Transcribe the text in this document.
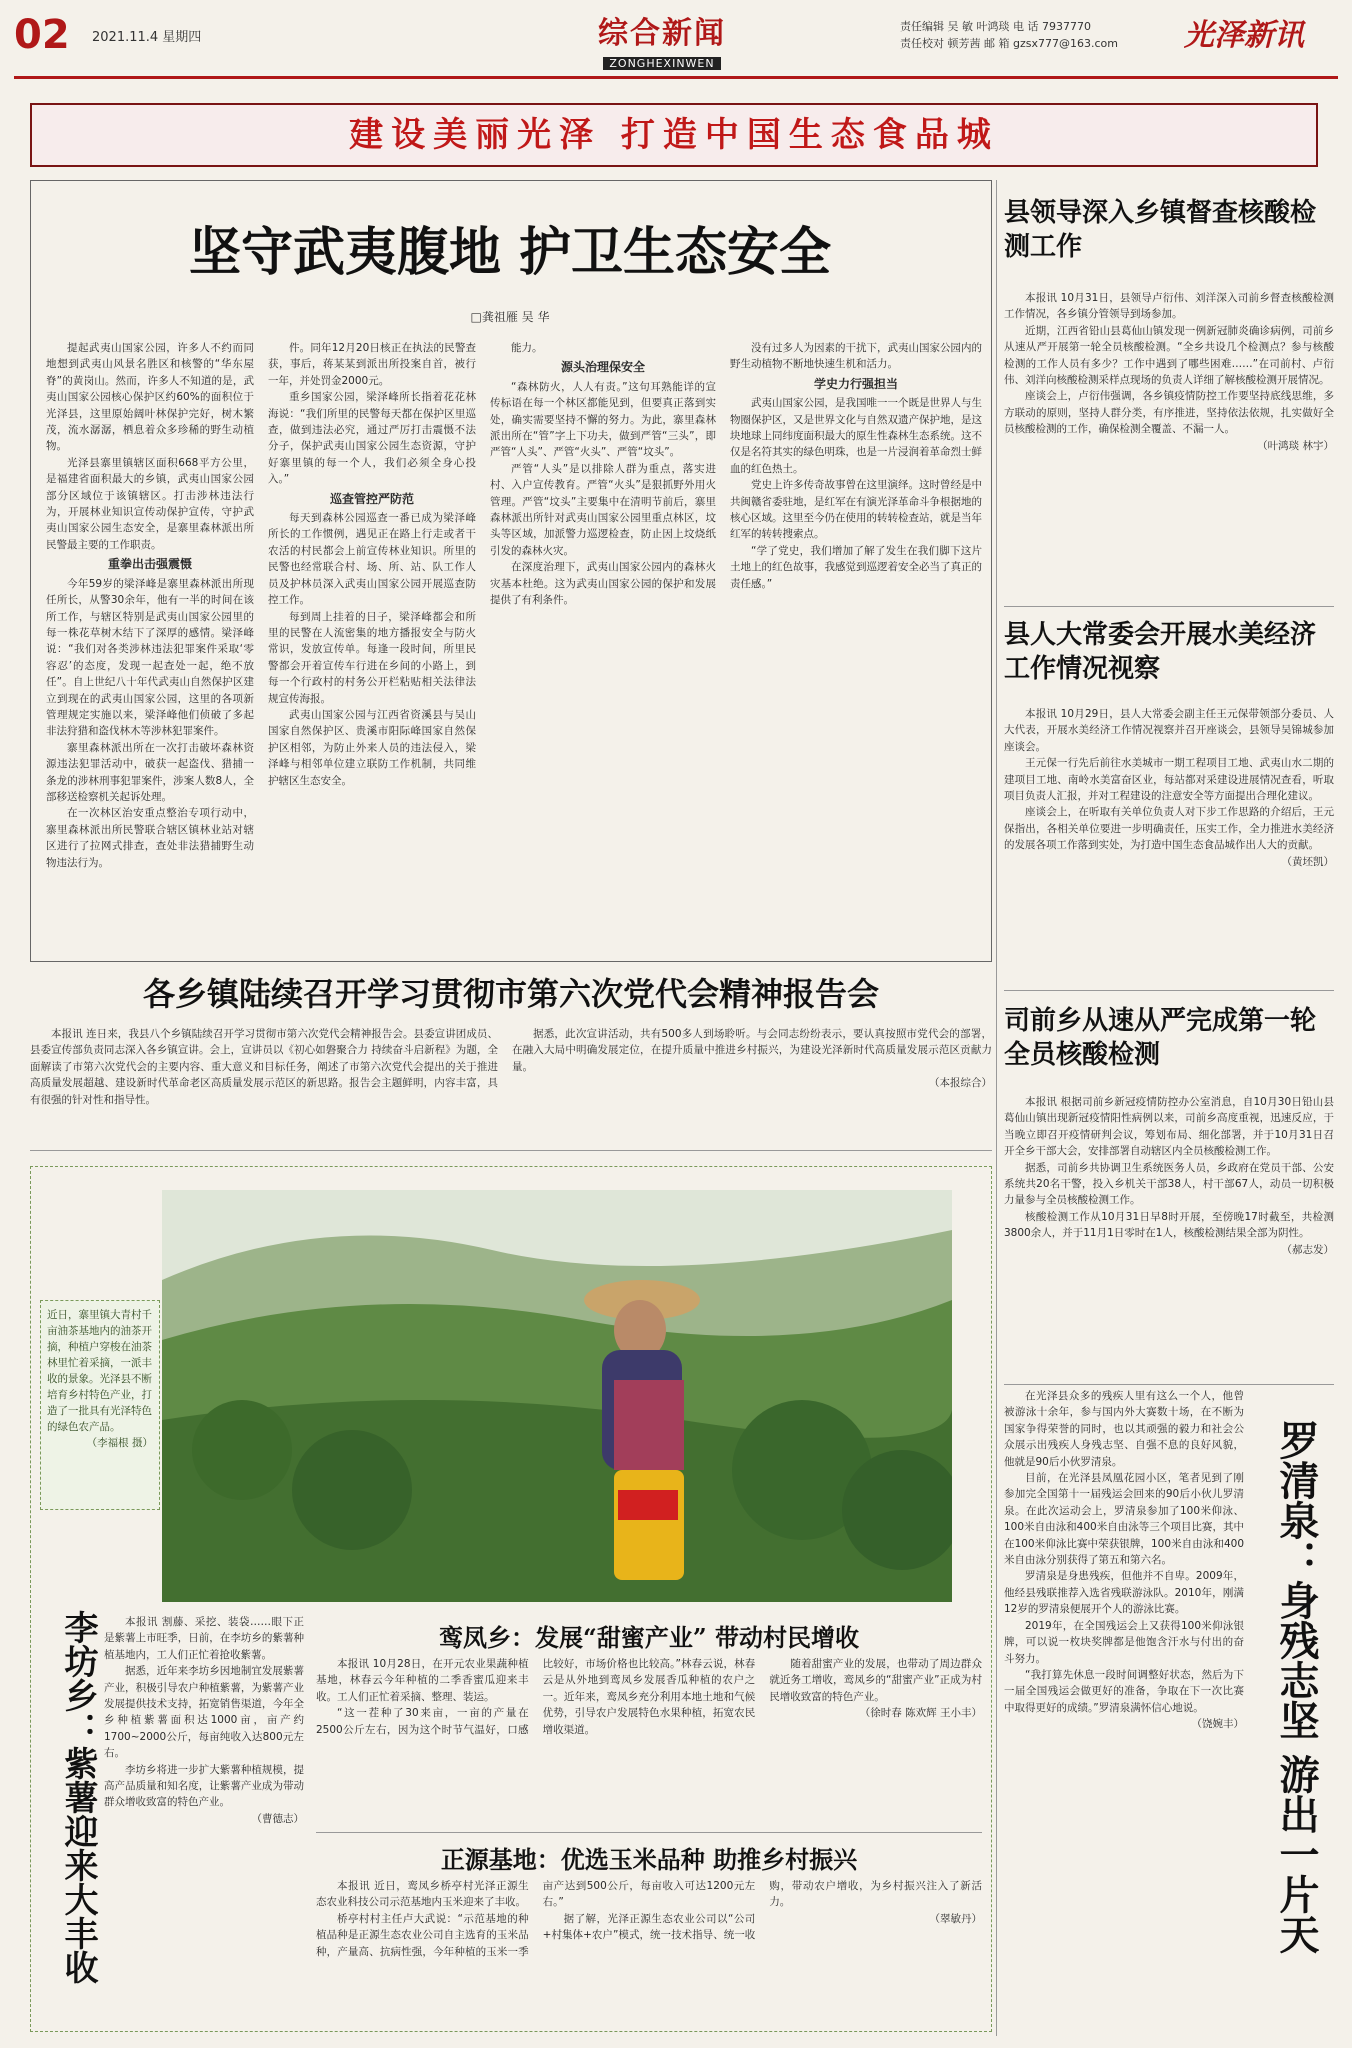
02 2021.11.4 星期四	综合新闻
ZONGHEXINWEN
责任编辑 吴 敏 叶鸿琰 电 话 7937770
责任校对 顿芳茜 邮 箱 gzsx777@163.com 光泽新讯
建设美丽光泽 打造中国生态食品城
坚守武夷腹地 护卫生态安全
□龚祖雁 吴 华

提起武夷山国家公园，许多人不约而同地想到武夷山风景名胜区和核警的“华东屋脊”的黄岗山。然而，许多人不知道的是，武夷山国家公园核心保护区约60%的面积位于光泽县，这里原始阔叶林保护完好，树木繁茂，流水潺潺，栖息着众多珍稀的野生动植物。

光泽县寨里镇辖区面积668平方公里，是福建省面积最大的乡镇，武夷山国家公园部分区域位于该镇辖区。打击涉林违法行为，开展林业知识宣传动保护宣传，守护武夷山国家公园生态安全，是寨里森林派出所民警最主要的工作职责。

重拳出击强震慑

今年59岁的梁泽峰是寨里森林派出所现任所长，从警30余年，他有一半的时间在该所工作，与辖区特别是武夷山国家公园里的每一株花草树木结下了深厚的感情。梁泽峰说：“我们对各类涉林违法犯罪案件采取‘零容忍’的态度，发现一起查处一起，绝不放任”。自上世纪八十年代武夷山自然保护区建立到现在的武夷山国家公园，这里的各项新管理规定实施以来，梁泽峰他们侦破了多起非法狩猎和盗伐林木等涉林犯罪案件。

寨里森林派出所在一次打击破坏森林资源违法犯罪活动中，破获一起盗伐、猎捕一条龙的涉林刑事犯罪案件，涉案人数8人，全部移送检察机关起诉处理。

在一次林区治安重点整治专项行动中，寨里森林派出所民警联合辖区镇林业站对辖区进行了拉网式排查，查处非法猎捕野生动物违法行为。

件。同年12月20日核正在执法的民警查获，事后，蒋某某到派出所投案自首，被行一年，并处罚金2000元。

重乡国家公园，梁泽峰所长指着花花林海说：“我们所里的民警每天都在保护区里巡查，做到违法必究，通过严厉打击震慑不法分子，保护武夷山国家公园生态资源，守护好寨里镇的每一个人，我们必须全身心投入。”

巡查管控严防范

每天到森林公园巡查一番已成为梁泽峰所长的工作惯例，遇见正在路上行走或者干农活的村民都会上前宣传林业知识。所里的民警也经常联合村、场、所、站、队工作人员及护林员深入武夷山国家公园开展巡查防控工作。

每到周上挂着的日子，梁泽峰都会和所里的民警在人流密集的地方播报安全与防火常识，发放宣传单。每逢一段时间，所里民警都会开着宣传车行进在乡间的小路上，到每一个行政村的村务公开栏粘贴相关法律法规宣传海报。

武夷山国家公园与江西省资溪县与吴山国家自然保护区、贵溪市阳际峰国家自然保护区相邻，为防止外来人员的违法侵入，梁泽峰与相邻单位建立联防工作机制，共同维护辖区生态安全。

能力。

源头治理保安全

“森林防火，人人有责。”这句耳熟能详的宣传标语在每一个林区都能见到，但要真正落到实处，确实需要坚持不懈的努力。为此，寨里森林派出所在“管”字上下功夫，做到严管“三头”，即严管“人头”、严管“火头”、严管“坟头”。

严管“人头”是以排除人群为重点，落实进村、入户宣传教育。严管“火头”是狠抓野外用火管理。严管“坟头”主要集中在清明节前后，寨里森林派出所针对武夷山国家公园里重点林区，坟头等区域，加派警力巡逻检查，防止因上坟烧纸引发的森林火灾。

在深度治理下，武夷山国家公园内的森林火灾基本杜绝。这为武夷山国家公园的保护和发展提供了有利条件。

没有过多人为因素的干扰下，武夷山国家公园内的野生动植物不断地快速生机和活力。

学史力行强担当

武夷山国家公园，是我国唯一一个既是世界人与生物圈保护区，又是世界文化与自然双遗产保护地，是这块地球上同纬度面积最大的原生性森林生态系统。这不仅是名符其实的绿色明珠，也是一片浸润着革命烈士鲜血的红色热土。

党史上许多传奇故事曾在这里演绎。这时曾经是中共闽赣省委驻地，是红军在有演光泽革命斗争根据地的核心区域。这里至今仍在使用的转转检查站，就是当年红军的转转搜索点。

“学了党史，我们增加了解了发生在我们脚下这片土地上的红色故事，我感觉到巡逻着安全必当了真正的责任感。”

各乡镇陆续召开学习贯彻市第六次党代会精神报告会

本报讯 连日来，我县八个乡镇陆续召开学习贯彻市第六次党代会精神报告会。县委宣讲团成员、县委宣传部负责同志深入各乡镇宣讲。会上，宣讲员以《初心如磐聚合力 持续奋斗启新程》为题，全面解读了市第六次党代会的主要内容、重大意义和目标任务，阐述了市第六次党代会提出的关于推进高质量发展超越、建设新时代革命老区高质量发展示范区的新思路。报告会主题鲜明，内容丰富，具有很强的针对性和指导性。

据悉，此次宣讲活动，共有500多人到场聆听。与会同志纷纷表示，要认真按照市党代会的部署，在融入大局中明确发展定位，在提升质量中推进乡村振兴，为建设光泽新时代高质量发展示范区贡献力量。

（本报综合）
近日，寨里镇大青村千亩油茶基地内的油茶开摘，种植户穿梭在油茶林里忙着采摘，一派丰收的景象。光泽县不断培育乡村特色产业，打造了一批具有光泽特色的绿色农产品。
（李福根 摄）
李坊乡：紫薯迎来大丰收	本报讯 割藤、采挖、装袋……眼下正是紫薯上市旺季，日前，在李坊乡的紫薯种植基地内，工人们正忙着抢收紫薯。

据悉，近年来李坊乡因地制宜发展紫薯产业，积极引导农户种植紫薯，为紫薯产业发展提供技术支持，拓宽销售渠道，今年全乡种植紫薯面积达1000亩，亩产约1700~2000公斤，每亩纯收入达800元左右。

李坊乡将进一步扩大紫薯种植规模，提高产品质量和知名度，让紫薯产业成为带动群众增收致富的特色产业。

（曹德志）
鸾凤乡：发展“甜蜜产业” 带动村民增收

本报讯 10月28日，在开元农业果蔬种植基地，林春云今年种植的二季香蜜瓜迎来丰收。工人们正忙着采摘、整理、装运。

“这一茬种了30来亩，一亩的产量在2500公斤左右，因为这个时节气温好，口感比较好，市场价格也比较高。”林春云说，林春云是从外地到鸾凤乡发展香瓜种植的农户之一。近年来，鸾凤乡充分利用本地土地和气候优势，引导农户发展特色水果种植，拓宽农民增收渠道。

随着甜蜜产业的发展，也带动了周边群众就近务工增收，鸾凤乡的“甜蜜产业”正成为村民增收致富的特色产业。

（徐时春 陈欢辉 王小丰）
正源基地：优选玉米品种 助推乡村振兴

本报讯 近日，鸾凤乡桥亭村光泽正源生态农业科技公司示范基地内玉米迎来了丰收。

桥亭村村主任卢大武说：“示范基地的种植品种是正源生态农业公司自主选育的玉米品种，产量高、抗病性强，今年种植的玉米一季亩产达到500公斤，每亩收入可达1200元左右。”

据了解，光泽正源生态农业公司以“公司+村集体+农户”模式，统一技术指导、统一收购，带动农户增收，为乡村振兴注入了新活力。

（翠敏丹）
县领导深入乡镇督查核酸检测工作

本报讯 10月31日，县领导卢衍伟、刘洋深入司前乡督查核酸检测工作情况，各乡镇分管领导到场参加。

近期，江西省铅山县葛仙山镇发现一例新冠肺炎确诊病例，司前乡从速从严开展第一轮全员核酸检测。“全乡共设几个检测点？参与核酸检测的工作人员有多少？工作中遇到了哪些困难……”在司前村、卢衍伟、刘洋向核酸检测采样点现场的负责人详细了解核酸检测开展情况。

座谈会上，卢衍伟强调，各乡镇疫情防控工作要坚持底线思维，多方联动的原则，坚持人群分类，有序推进，坚持依法依规，扎实做好全员核酸检测的工作，确保检测全覆盖、不漏一人。

（叶鸿琰 林宇）
县人大常委会开展水美经济工作情况视察

本报讯 10月29日，县人大常委会副主任王元保带领部分委员、人大代表，开展水美经济工作情况视察并召开座谈会，县领导吴锦城参加座谈会。

王元保一行先后前往水美城市一期工程项目工地、武夷山水二期的建项目工地、南岭水美富奋区业，每站都对采建设进展情况查看，听取项目负责人汇报，并对工程建设的注意安全等方面提出合理化建议。

座谈会上，在听取有关单位负责人对下步工作思路的介绍后，王元保指出，各相关单位要进一步明确责任，压实工作，全力推进水美经济的发展各项工作落到实处，为打造中国生态食品城作出人大的贡献。

（黄坯凯）
司前乡从速从严完成第一轮全员核酸检测

本报讯 根据司前乡新冠疫情防控办公室消息，自10月30日铅山县葛仙山镇出现新冠疫情阳性病例以来，司前乡高度重视，迅速反应，于当晚立即召开疫情研判会议，筹划布局、细化部署，并于10月31日召开全乡干部大会，安排部署自动辖区内全员核酸检测工作。

据悉，司前乡共协调卫生系统医务人员，乡政府在党员干部、公安系统共20名干警，投入乡机关干部38人，村干部67人，动员一切积极力量参与全员核酸检测工作。

核酸检测工作从10月31日早8时开展，至傍晚17时截至，共检测3800余人，并于11月1日零时在1人，核酸检测结果全部为阴性。

（郝志发）

在光泽县众多的残疾人里有这么一个人，他曾被游泳十余年，参与国内外大赛数十场，在不断为国家争得荣誉的同时，也以其顽强的毅力和社会公众展示出残疾人身残志坚、自强不息的良好风貌，他就是90后小伙罗清泉。

目前，在光泽县凤凰花园小区，笔者见到了刚参加完全国第十一届残运会回来的90后小伙儿罗清泉。在此次运动会上，罗清泉参加了100米仰泳、100米自由泳和400米自由泳等三个项目比赛，其中在100米仰泳比赛中荣获银牌，100米自由泳和400米自由泳分别获得了第五和第六名。

罗清泉是身患残疾，但他并不自卑。2009年，他经县残联推荐入选省残联游泳队。2010年，刚满12岁的罗清泉便展开个人的游泳比赛。

2019年，在全国残运会上又获得100米仰泳银牌，可以说一枚块奖牌都是他饱含汗水与付出的奋斗努力。

“我打算先休息一段时间调整好状态，然后为下一届全国残运会做更好的准备，争取在下一次比赛中取得更好的成绩。”罗清泉满怀信心地说。

（饶婉丰） 罗清泉：身残志坚 游出一片天
